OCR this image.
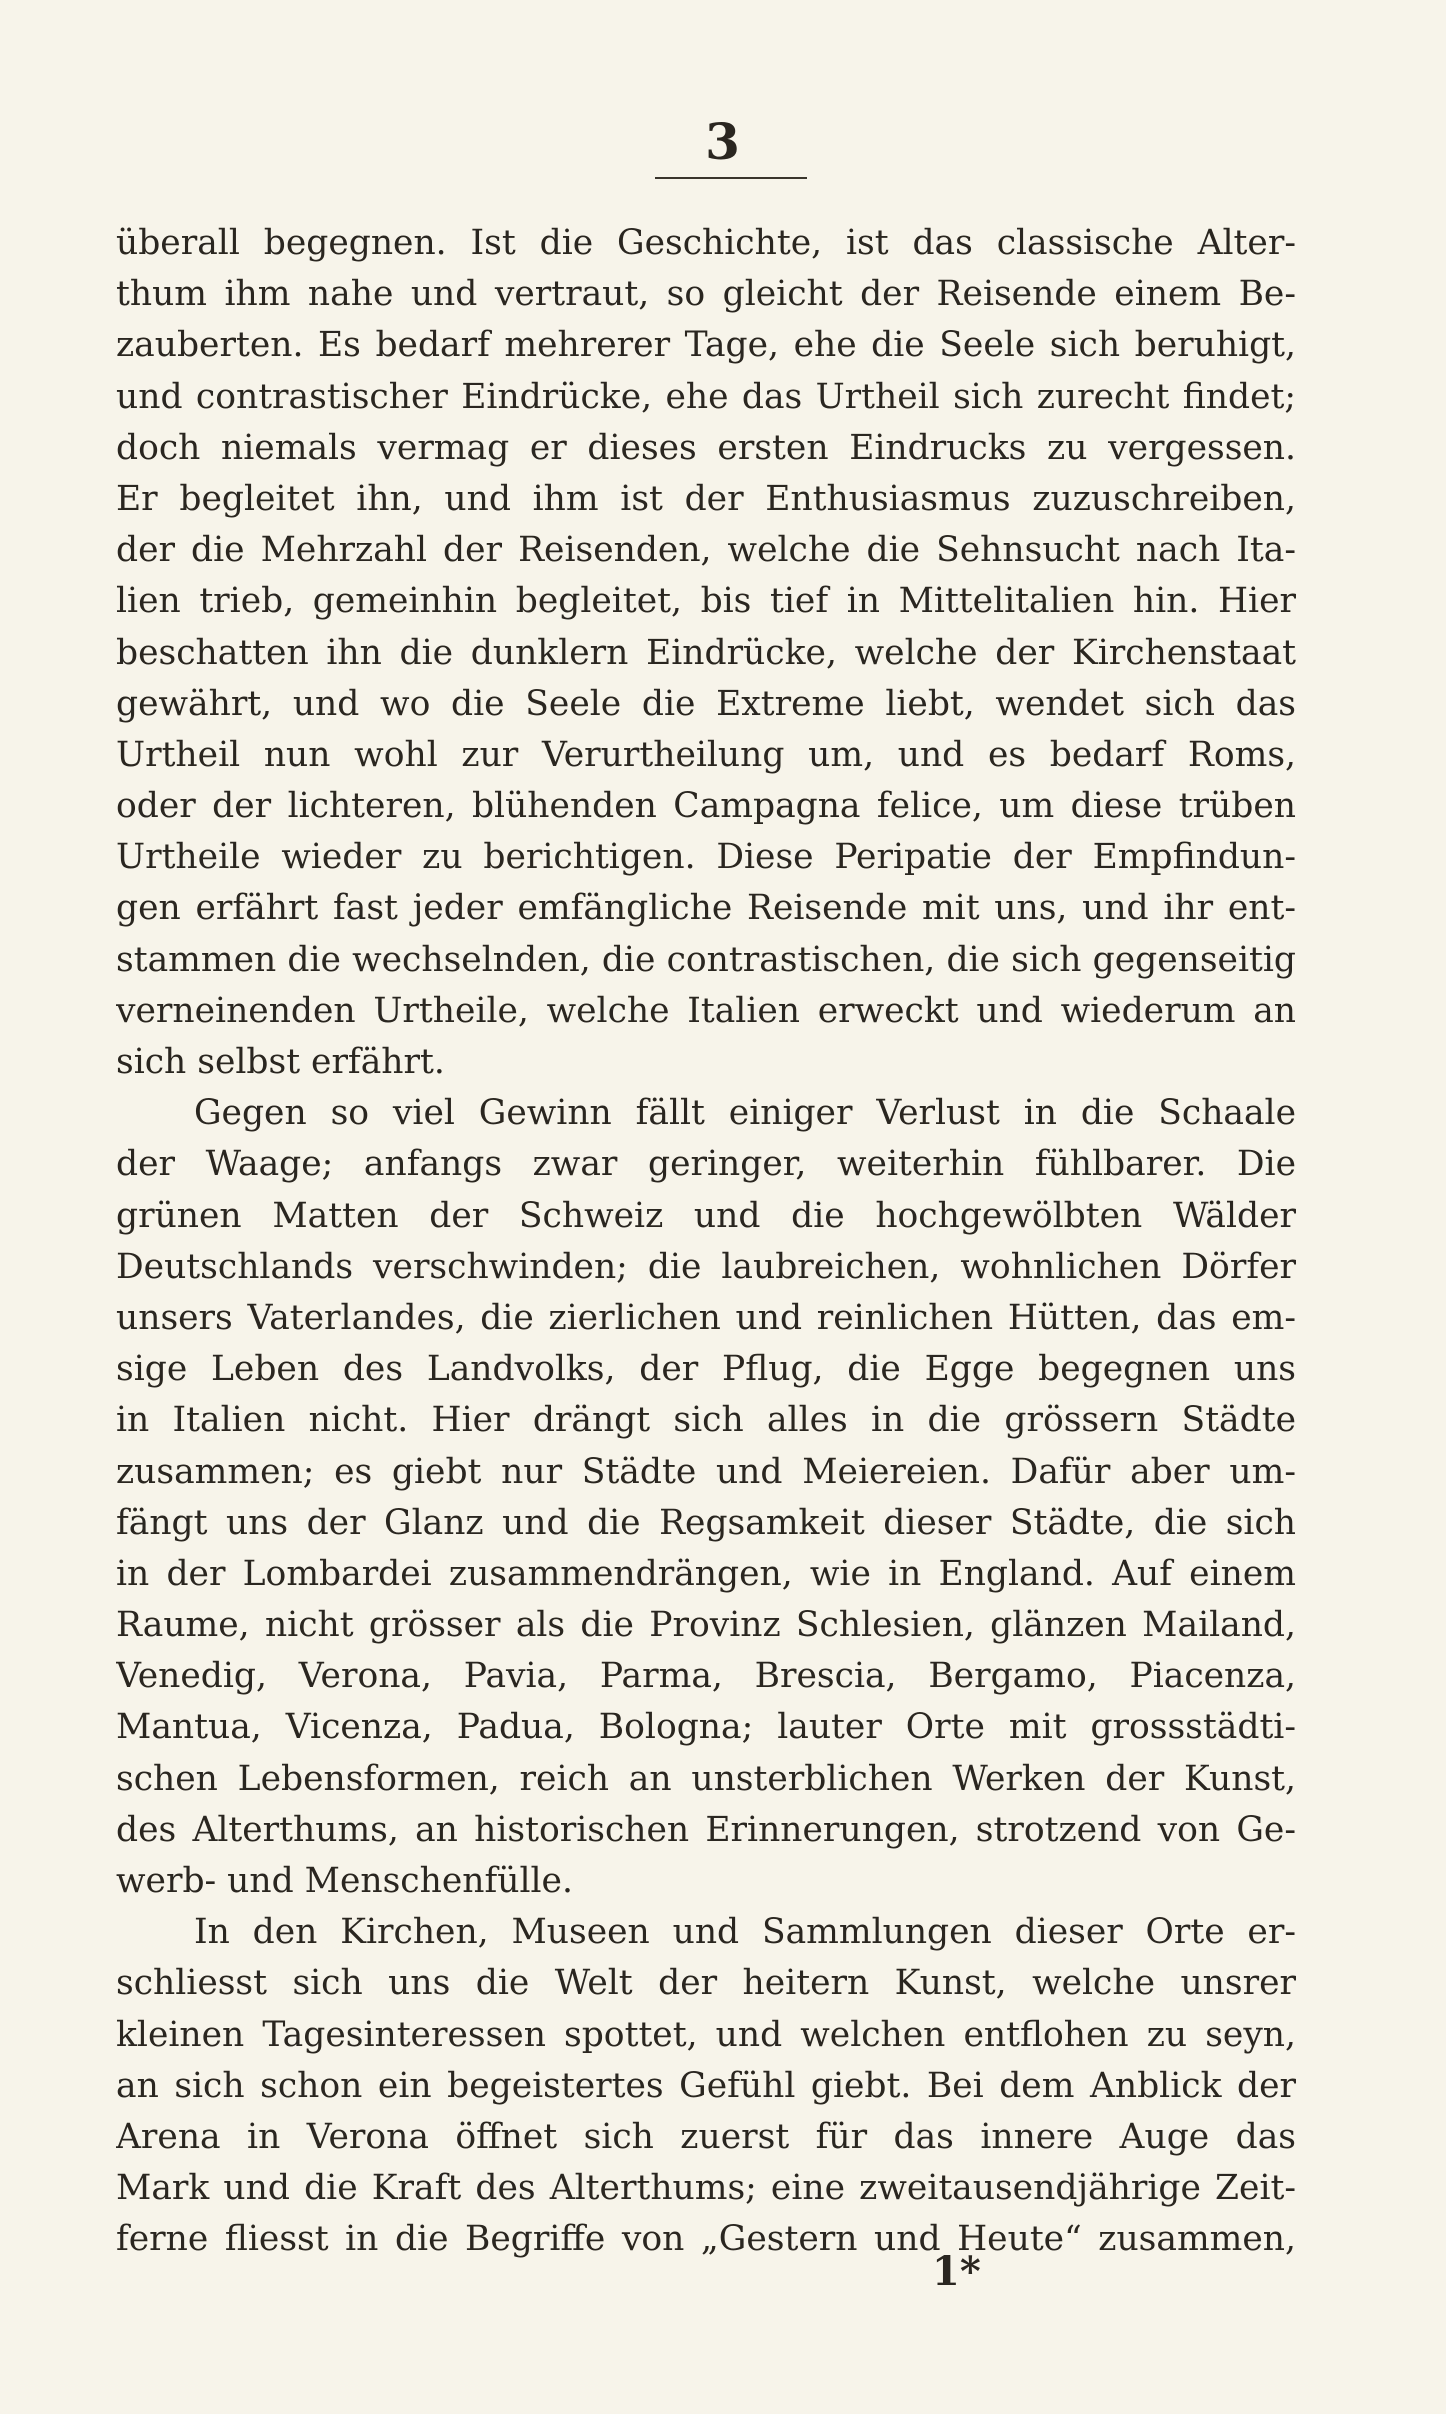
3
überall begegnen. Ist die Geschichte, ist das classische Alter-
thum ihm nahe und vertraut, so gleicht der Reisende einem Be-
zauberten. Es bedarf mehrerer Tage, ehe die Seele sich beruhigt,
und contrastischer Eindrücke, ehe das Urtheil sich zurecht findet;
doch niemals vermag er dieses ersten Eindrucks zu vergessen.
Er begleitet ihn, und ihm ist der Enthusiasmus zuzuschreiben,
der die Mehrzahl der Reisenden, welche die Sehnsucht nach Ita-
lien trieb, gemeinhin begleitet, bis tief in Mittelitalien hin. Hier
beschatten ihn die dunklern Eindrücke, welche der Kirchenstaat
gewährt, und wo die Seele die Extreme liebt, wendet sich das
Urtheil nun wohl zur Verurtheilung um, und es bedarf Roms,
oder der lichteren, blühenden Campagna felice, um diese trüben
Urtheile wieder zu berichtigen. Diese Peripatie der Empfindun-
gen erfährt fast jeder emfängliche Reisende mit uns, und ihr ent-
stammen die wechselnden, die contrastischen, die sich gegenseitig
verneinenden Urtheile, welche Italien erweckt und wiederum an
sich selbst erfährt.
Gegen so viel Gewinn fällt einiger Verlust in die Schaale
der Waage; anfangs zwar geringer, weiterhin fühlbarer. Die
grünen Matten der Schweiz und die hochgewölbten Wälder
Deutschlands verschwinden; die laubreichen, wohnlichen Dörfer
unsers Vaterlandes, die zierlichen und reinlichen Hütten, das em-
sige Leben des Landvolks, der Pflug, die Egge begegnen uns
in Italien nicht. Hier drängt sich alles in die grössern Städte
zusammen; es giebt nur Städte und Meiereien. Dafür aber um-
fängt uns der Glanz und die Regsamkeit dieser Städte, die sich
in der Lombardei zusammendrängen, wie in England. Auf einem
Raume, nicht grösser als die Provinz Schlesien, glänzen Mailand,
Venedig, Verona, Pavia, Parma, Brescia, Bergamo, Piacenza,
Mantua, Vicenza, Padua, Bologna; lauter Orte mit grossstädti-
schen Lebensformen, reich an unsterblichen Werken der Kunst,
des Alterthums, an historischen Erinnerungen, strotzend von Ge-
werb- und Menschenfülle.
In den Kirchen, Museen und Sammlungen dieser Orte er-
schliesst sich uns die Welt der heitern Kunst, welche unsrer
kleinen Tagesinteressen spottet, und welchen entflohen zu seyn,
an sich schon ein begeistertes Gefühl giebt. Bei dem Anblick der
Arena in Verona öffnet sich zuerst für das innere Auge das
Mark und die Kraft des Alterthums; eine zweitausendjährige Zeit-
ferne fliesst in die Begriffe von „Gestern und Heute“ zusammen,
1*
